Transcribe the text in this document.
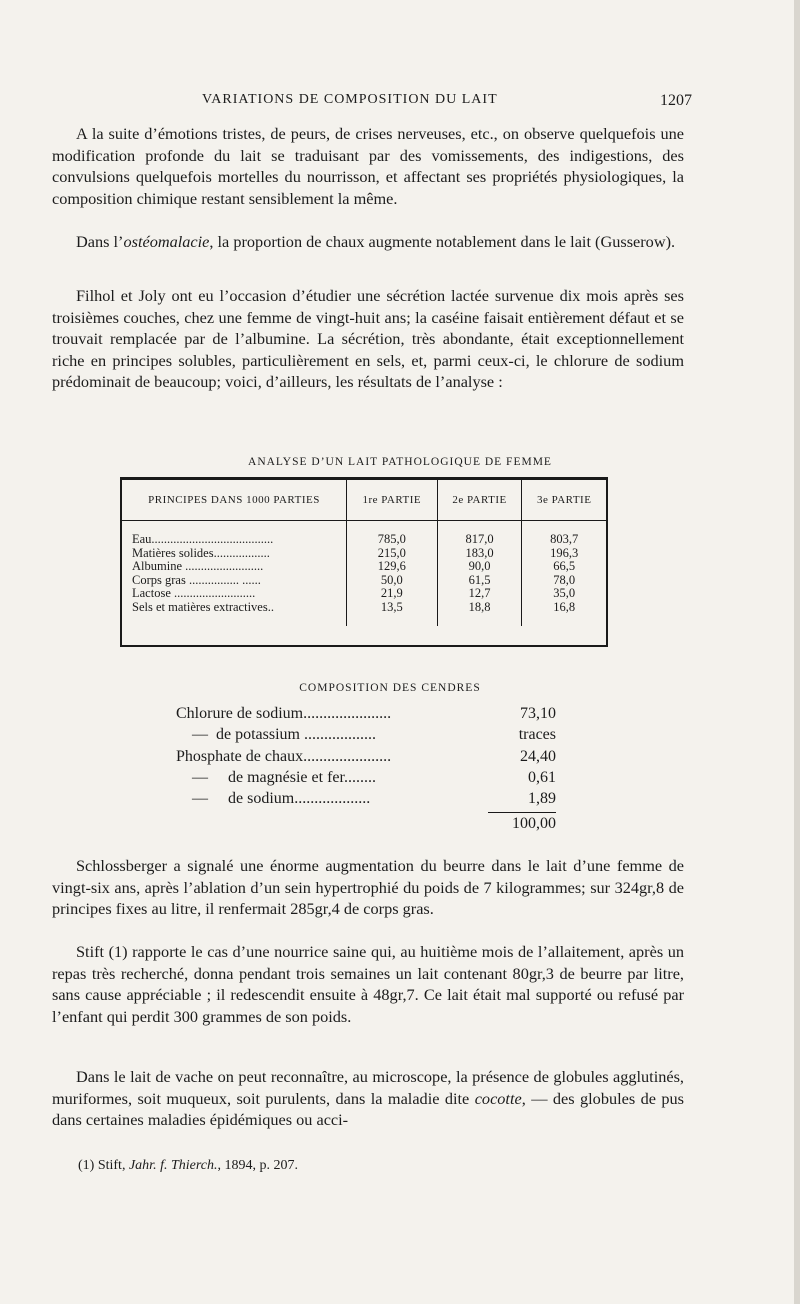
VARIATIONS DE COMPOSITION DU LAIT	1207

A la suite d’émotions tristes, de peurs, de crises nerveuses, etc., on observe quelquefois une modification profonde du lait se traduisant par des vomissements, des indigestions, des convulsions quelquefois mortelles du nourrisson, et affectant ses propriétés physiologiques, la composition chimique restant sensiblement la même.

Dans l’ostéomalacie, la proportion de chaux augmente notablement dans le lait (Gusserow).

Filhol et Joly ont eu l’occasion d’étudier une sécrétion lactée survenue dix mois après ses troisièmes couches, chez une femme de vingt-huit ans; la caséine faisait entièrement défaut et se trouvait remplacée par de l’albumine. La sécrétion, très abondante, était exceptionnellement riche en principes solubles, particulièrement en sels, et, parmi ceux-ci, le chlorure de sodium prédominait de beaucoup; voici, d’ailleurs, les résultats de l’analyse :

ANALYSE D’UN LAIT PATHOLOGIQUE DE FEMME
PRINCIPES DANS 1000 PARTIES	1re PARTIE	2e PARTIE	3e PARTIE

Eau.......................................	785,0	817,0	803,7
Matières solides..................	215,0	183,0	196,3
Albumine .........................	129,6	90,0	66,5
Corps gras ................ ......	50,0	61,5	78,0
Lactose ..........................	21,9	12,7	35,0
Sels et matières extractives..	13,5	18,8	16,8

COMPOSITION DES CENDRES
Chlorure de sodium......................	73,10
—  de potassium ..................	traces
Phosphate de chaux......................	24,40
—     de magnésie et fer........	0,61
—     de sodium...................	1,89
100,00

Schlossberger a signalé une énorme augmentation du beurre dans le lait d’une femme de vingt-six ans, après l’ablation d’un sein hypertrophié du poids de 7 kilogrammes; sur 324gr,8 de principes fixes au litre, il renfermait 285gr,4 de corps gras.

Stift (1) rapporte le cas d’une nourrice saine qui, au huitième mois de l’allaitement, après un repas très recherché, donna pendant trois semaines un lait contenant 80gr,3 de beurre par litre, sans cause appréciable ; il redescendit ensuite à 48gr,7. Ce lait était mal supporté ou refusé par l’enfant qui perdit 300 grammes de son poids.

Dans le lait de vache on peut reconnaître, au microscope, la présence de globules agglutinés, muriformes, soit muqueux, soit purulents, dans la maladie dite cocotte, — des globules de pus dans certaines maladies épidémiques ou acci-

(1) Stift, Jahr. f. Thierch., 1894, p. 207.
